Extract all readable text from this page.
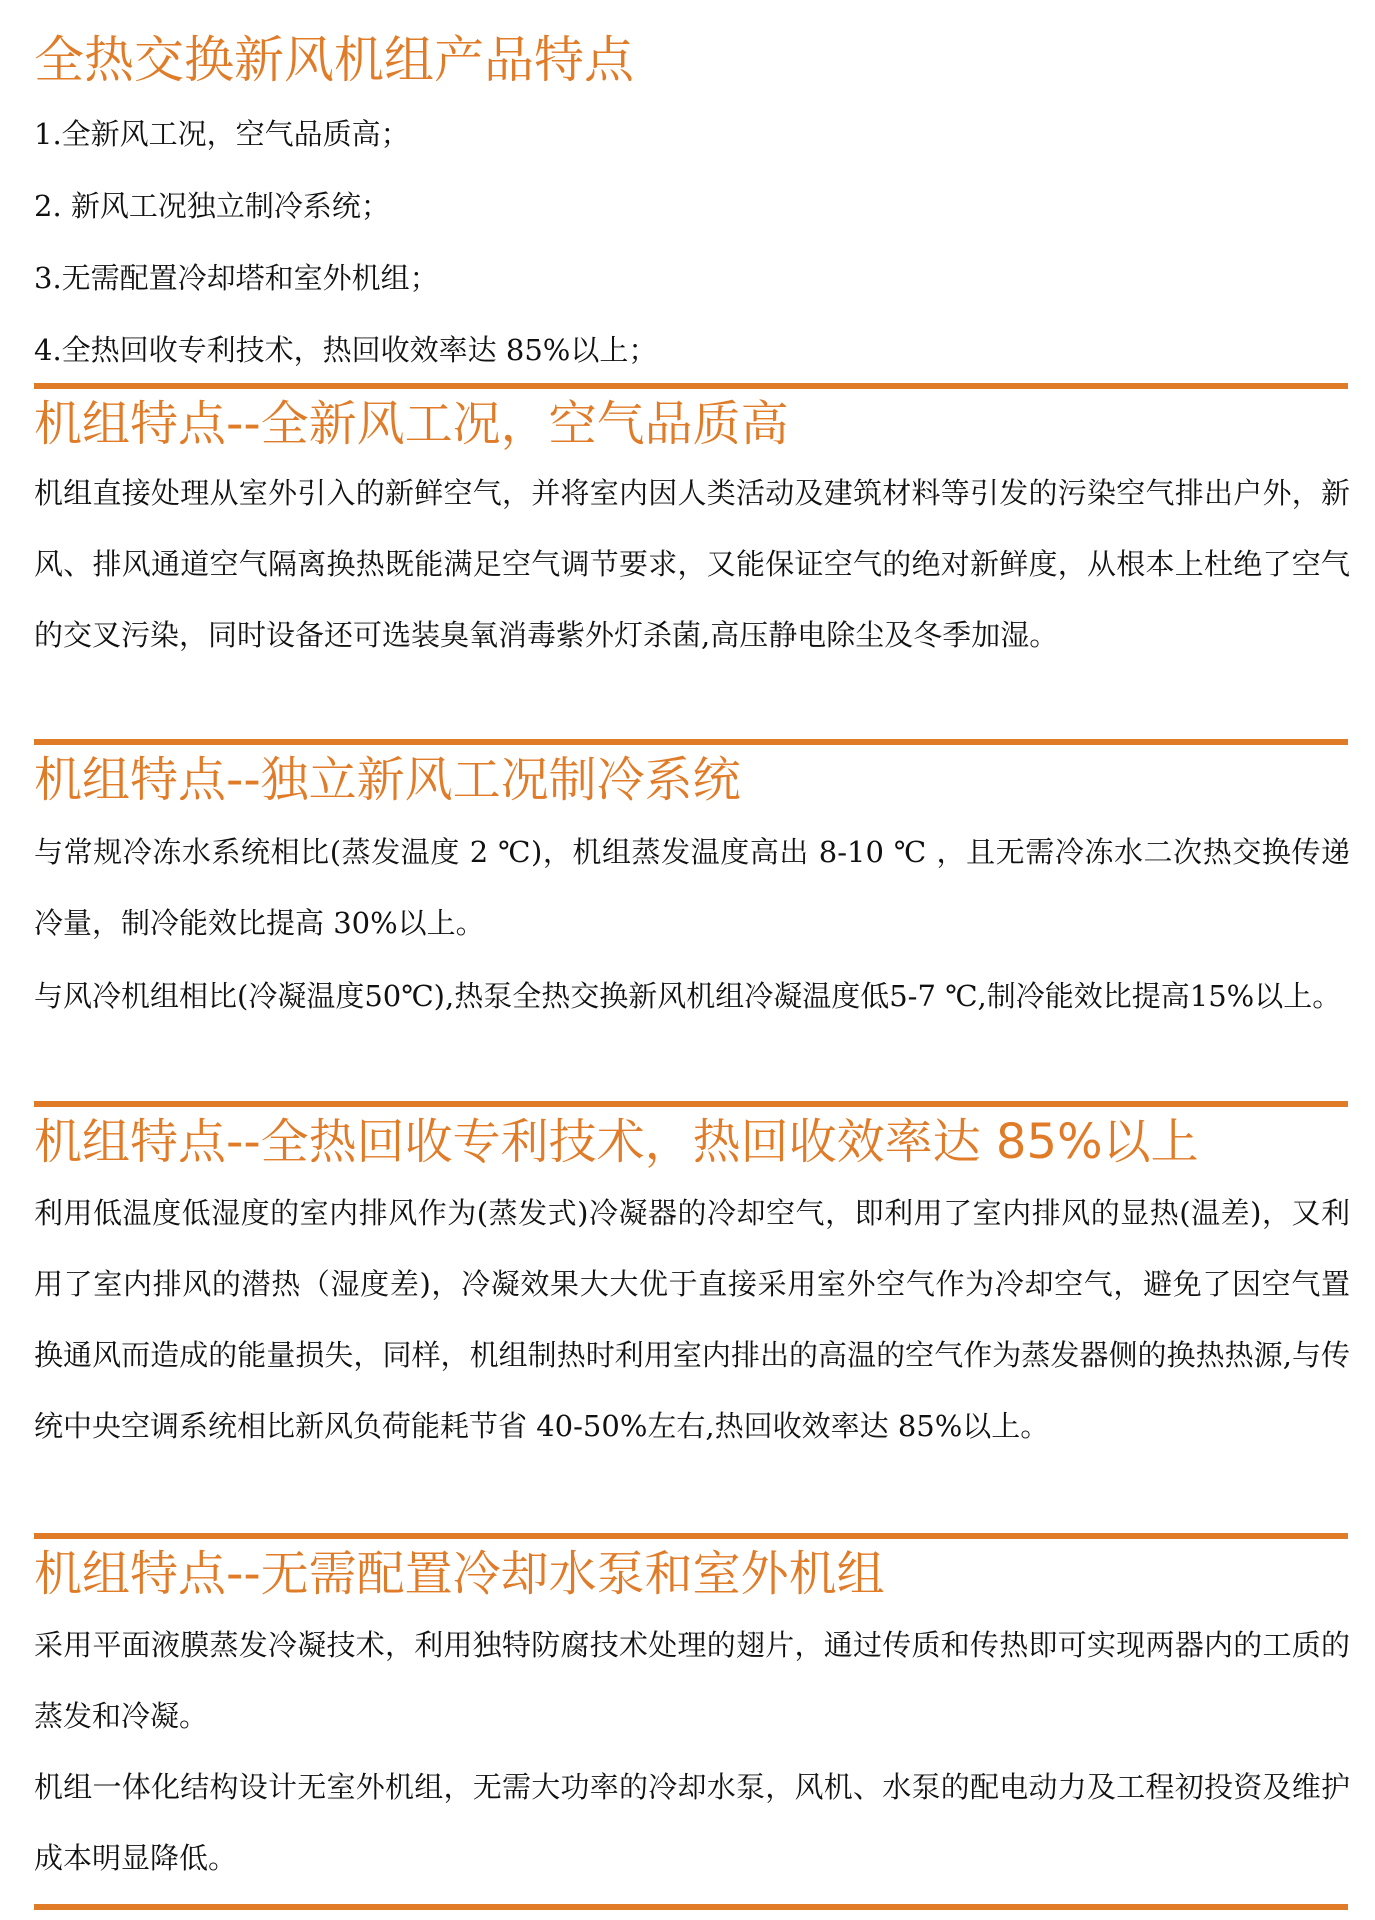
全热交换新风机组产品特点
1.全新风工况，空气品质高；
2. 新风工况独立制冷系统；
3.无需配置冷却塔和室外机组；
4.全热回收专利技术，热回收效率达 85%以上；
机组特点--全新风工况，空气品质高
机组直接处理从室外引入的新鲜空气，并将室内因人类活动及建筑材料等引发的污染空气排出户外，新风、排风通道空气隔离换热既能满足空气调节要求，又能保证空气的绝对新鲜度，从根本上杜绝了空气的交叉污染，同时设备还可选装臭氧消毒紫外灯杀菌,高压静电除尘及冬季加湿。
机组特点--独立新风工况制冷系统
与常规冷冻水系统相比(蒸发温度 2 ℃)，机组蒸发温度高出 8-10 ℃ ，且无需冷冻水二次热交换传递冷量，制冷能效比提高 30%以上。
与风冷机组相比(冷凝温度50℃),热泵全热交换新风机组冷凝温度低5-7 ℃,制冷能效比提高15%以上。
机组特点--全热回收专利技术，热回收效率达 85%以上
利用低温度低湿度的室内排风作为(蒸发式)冷凝器的冷却空气，即利用了室内排风的显热(温差)，又利用了室内排风的潜热（湿度差)，冷凝效果大大优于直接采用室外空气作为冷却空气，避免了因空气置换通风而造成的能量损失，同样，机组制热时利用室内排出的高温的空气作为蒸发器侧的换热热源,与传统中央空调系统相比新风负荷能耗节省 40-50%左右,热回收效率达 85%以上。
机组特点--无需配置冷却水泵和室外机组
采用平面液膜蒸发冷凝技术，利用独特防腐技术处理的翅片，通过传质和传热即可实现两器内的工质的蒸发和冷凝。
机组一体化结构设计无室外机组，无需大功率的冷却水泵，风机、水泵的配电动力及工程初投资及维护成本明显降低。
